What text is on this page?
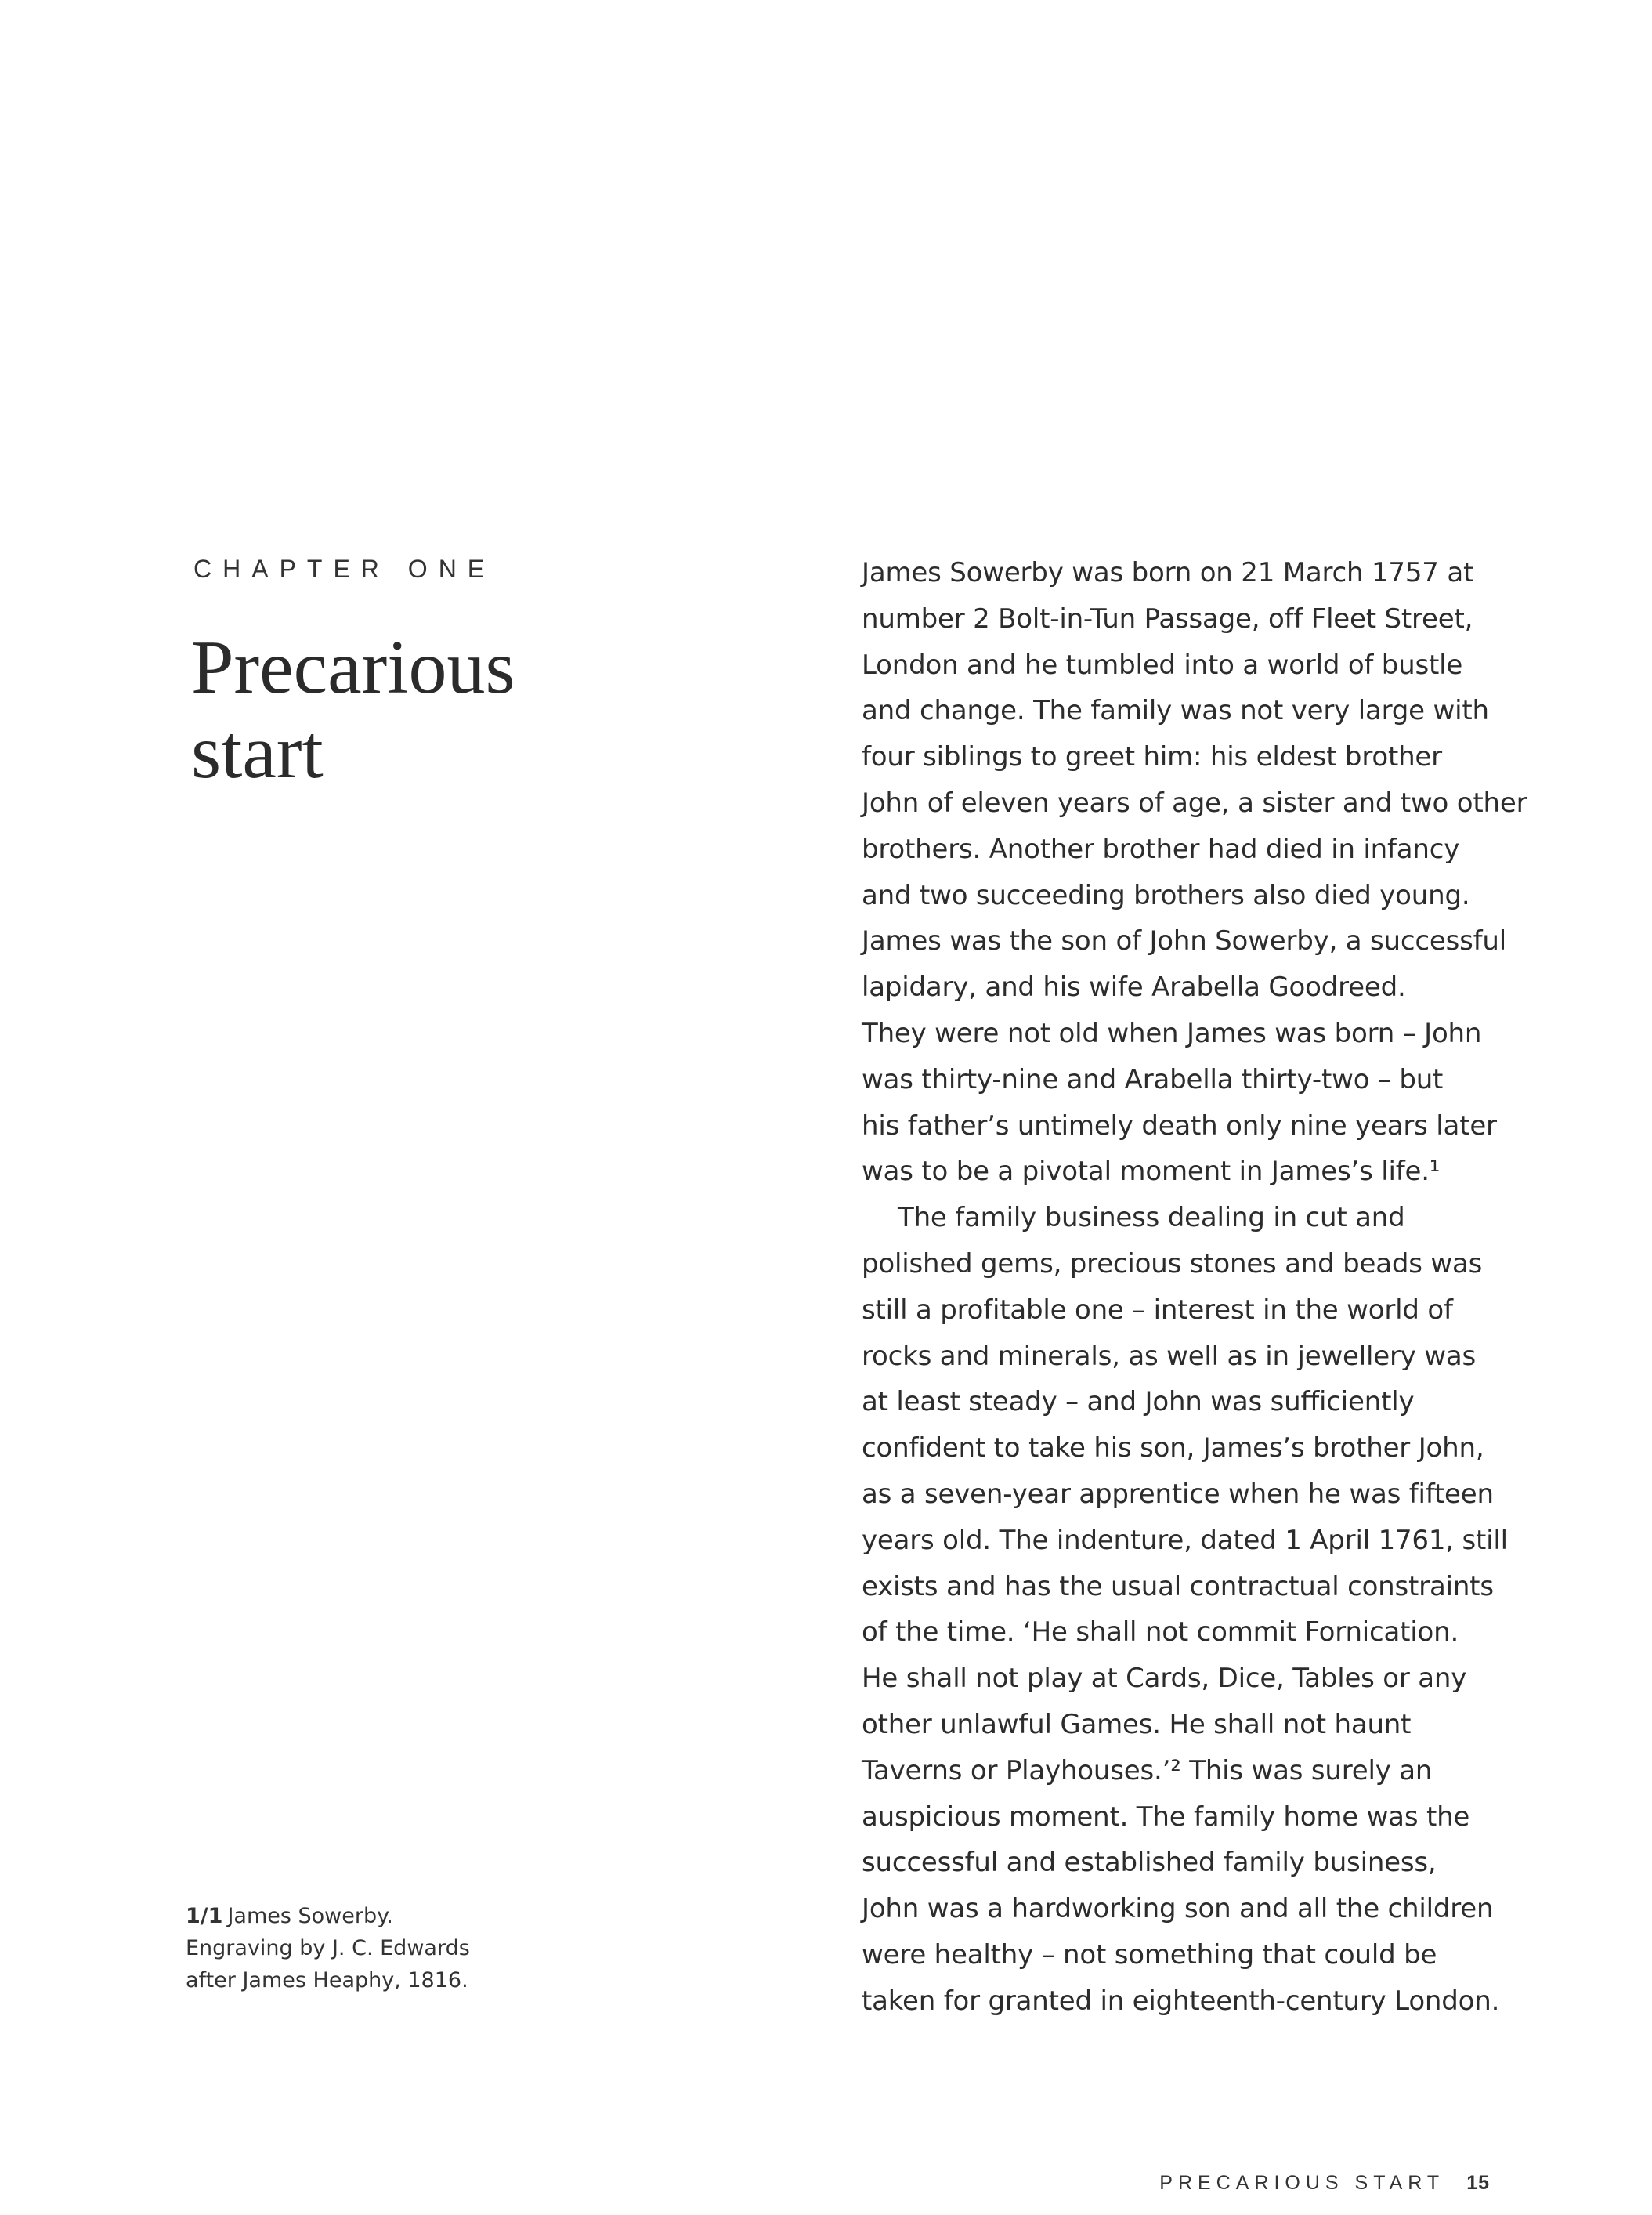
CHAPTER ONE
Precarious
start
James Sowerby was born on 21 March 1757 at
number 2 Bolt-in-Tun Passage, off Fleet Street,
London and he tumbled into a world of bustle
and change. The family was not very large with
four siblings to greet him: his eldest brother
John of eleven years of age, a sister and two other
brothers. Another brother had died in infancy
and two succeeding brothers also died young.
James was the son of John Sowerby, a successful
lapidary, and his wife Arabella Goodreed.
They were not old when James was born – John
was thirty-nine and Arabella thirty-two – but
his father’s untimely death only nine years later
was to be a pivotal moment in James’s life.¹
The family business dealing in cut and
polished gems, precious stones and beads was
still a profitable one – interest in the world of
rocks and minerals, as well as in jewellery was
at least steady – and John was sufficiently
confident to take his son, James’s brother John,
as a seven-year apprentice when he was fifteen
years old. The indenture, dated 1 April 1761, still
exists and has the usual contractual constraints
of the time. ‘He shall not commit Fornication.
He shall not play at Cards, Dice, Tables or any
other unlawful Games. He shall not haunt
Taverns or Playhouses.’² This was surely an
auspicious moment. The family home was the
successful and established family business,
John was a hardworking son and all the children
were healthy – not something that could be
taken for granted in eighteenth-century London.
1/1 James Sowerby.
Engraving by J. C. Edwards
after James Heaphy, 1816.
PRECARIOUS START 15
